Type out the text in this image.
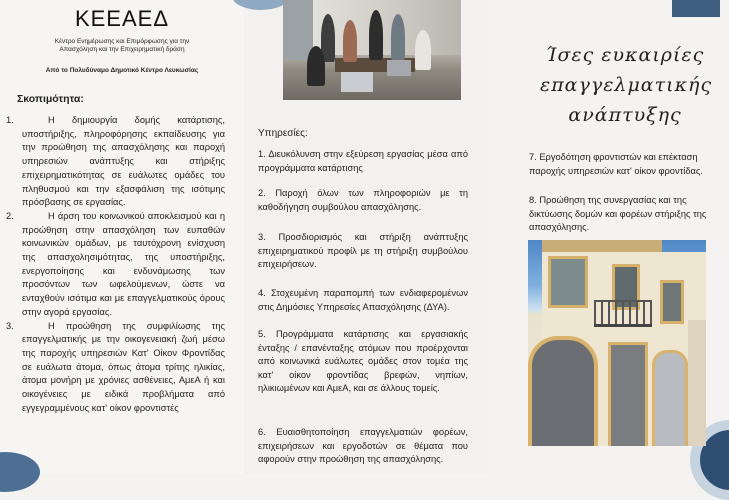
ΚΕΕΑΕΔ
Κέντρο Ενημέρωσης και Επιμόρφωσης για την
Απασχόληση και την Επιχειρηματική δράση
Από το Πολυδύναμο Δημοτικό Κέντρο Λευκωσίας
Σκοπιμότητα:
1.	Η δημιουργία δομής κατάρτισης, υποστήριξης, πληροφόρησης εκπαίδευσης για την προώθηση της απασχόλησης και παροχή υπηρεσιών ανάπτυξης και στήριξης επιχειρηματικότητας σε ευάλωτες ομάδες του πληθυσμού και την εξασφάλιση της ισότιμης πρόσβασης σε εργασίας.
2.	Η άρση του κοινωνικού αποκλεισμού και η προώθηση στην απασχόληση των ευπαθών κοινωνικών ομάδων, με ταυτόχρονη ενίσχυση της απασχολησιμότητας, της υποστήριξης, ενεργοποίησης και ενδυνάμωσης των προσόντων των ωφελούμενων, ώστε να ενταχθούν ισότιμα και με επαγγελματικούς όρους στην αγορά εργασίας.
3.	Η προώθηση της συμφιλίωσης της επαγγελματικής με την οικογενειακή ζωή μέσω της παροχής υπηρεσιών Κατ' Οίκον Φροντίδας σε ευάλωτα άτομα, όπως άτομα τρίτης ηλικίας, άτομα μονήρη με χρόνιες ασθένειες, ΑμεΑ ή και οικογένειες με ειδικά προβλήματα από εγγεγραμμένους κατ' οίκον φροντιστές
Υπηρεσίες:
1. Διευκόλυνση στην εξεύρεση εργασίας μέσα από προγράμματα κατάρτισης
2. Παροχή όλων των πληροφοριών με τη καθοδήγηση συμβούλου απασχόλησης.
3. Προσδιορισμός και στήριξη ανάπτυξης επιχειρηματικού προφίλ με τη στήριξη συμβούλου επιχειρήσεων.
4. Στοχευμένη παραπομπή των ενδιαφερομένων στις Δημόσιες Υπηρεσίες Απασχόλησης (ΔΥΑ).
5. Προγράμματα κατάρτισης και εργασιακής ένταξης / επανένταξης ατόμων που προέρχονται από κοινωνικά ευάλωτες ομάδες στον τομέα της κατ' οίκον φροντίδας βρεφών, νηπίων, ηλικιωμένων και ΑμεΑ, και σε άλλους τομείς.
6. Ευαισθητοποίηση επαγγελματιών φορέων, επιχειρήσεων και εργοδοτών σε θέματα που αφορούν στην προώθηση της απασχόλησης.
Ίσες ευκαιρίες
επαγγελματικής
ανάπτυξης
7. Εργοδότηση φροντιστών και επέκταση
παροχής υπηρεσιών κατ' οίκον φροντίδας.
8. Προώθηση της συνεργασίας και της
δικτύωσης δομών και φορέων στήριξης της
απασχόλησης.
